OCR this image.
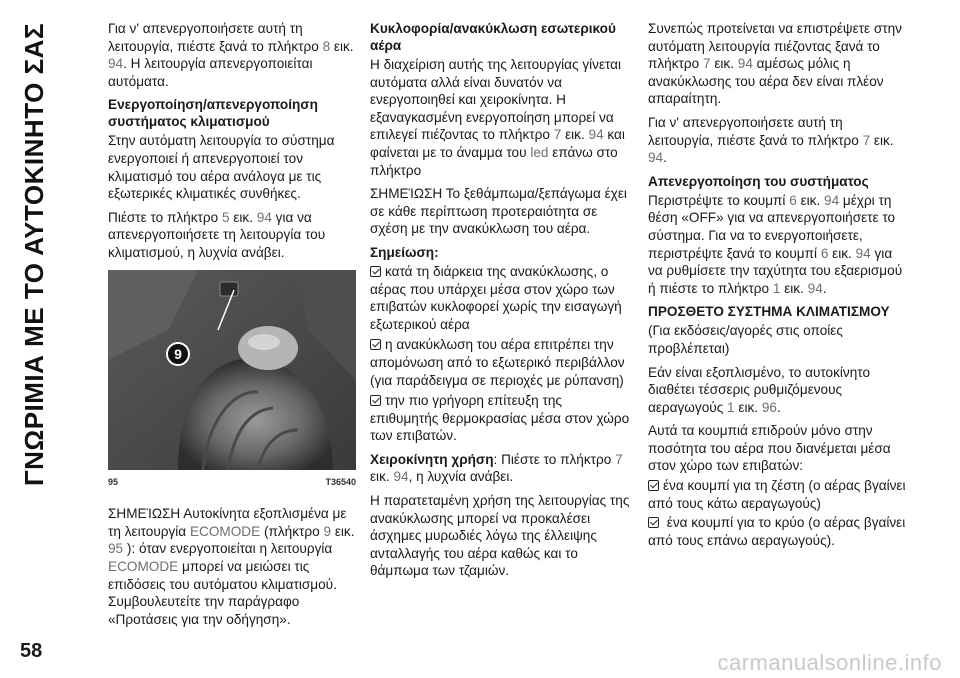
ΓΝΩΡΙΜΙΑ ΜΕ ΤΟ ΑΥΤΟΚΙΝΗΤΟ ΣΑΣ	Για ν' απενεργοποιήσετε αυτή τη λειτουργία, πιέστε ξανά το πλήκτρο 8 εικ. 94. Η λειτουργία απενεργοποιείται αυτόματα.

Ενεργοποίηση/απενεργοποίηση συστήματος κλιματισμού

Στην αυτόματη λειτουργία το σύστημα ενεργοποιεί ή απενεργοποιεί τον κλιματισμό του αέρα ανάλογα με τις εξωτερικές κλιματικές συνθήκες.

Πιέστε το πλήκτρο 5 εικ. 94 για να απενεργοποιήσετε τη λειτουργία του κλιματισμού, η λυχνία ανάβει.

9
95	T36540

ΣΗΜΕΊΩΣΗ Αυτοκίνητα εξοπλισμένα με τη λειτουργία ECOMODE (πλήκτρο 9 εικ. 95 ): όταν ενεργοποιείται η λειτουργία ECOMODE μπορεί να μειώσει τις επιδόσεις του αυτόματου κλιματισμού. Συμβουλευτείτε την παράγραφο «Προτάσεις για την οδήγηση».

Κυκλοφορία/ανακύκλωση εσωτερικού αέρα

Η διαχείριση αυτής της λειτουργίας γίνεται αυτόματα αλλά είναι δυνατόν να ενεργοποιηθεί και χειροκίνητα. Η εξαναγκασμένη ενεργοποίηση μπορεί να επιλεγεί πιέζοντας το πλήκτρο 7 εικ. 94 και φαίνεται με το άναμμα του led επάνω στο πλήκτρο

ΣΗΜΕΊΩΣΗ Το ξεθάμπωμα/ξεπάγωμα έχει σε κάθε περίπτωση προτεραιότητα σε σχέση με την ανακύκλωση του αέρα.

Σημείωση:

κατά τη διάρκεια της ανακύκλωσης, ο αέρας που υπάρχει μέσα στον χώρο των επιβατών κυκλοφορεί χωρίς την εισαγωγή εξωτερικού αέρα

η ανακύκλωση του αέρα επιτρέπει την απομόνωση από το εξωτερικό περιβάλλον (για παράδειγμα σε περιοχές με ρύπανση)

την πιο γρήγορη επίτευξη της επιθυμητής θερμοκρασίας μέσα στον χώρο των επιβατών.

Χειροκίνητη χρήση: Πιέστε το πλήκτρο 7 εικ. 94, η λυχνία ανάβει.

Η παρατεταμένη χρήση της λειτουργίας της ανακύκλωσης μπορεί να προκαλέσει άσχημες μυρωδιές λόγω της έλλειψης ανταλλαγής του αέρα καθώς και το θάμπωμα των τζαμιών.

Συνεπώς προτείνεται να επιστρέψετε στην αυτόματη λειτουργία πιέζοντας ξανά το πλήκτρο 7 εικ. 94 αμέσως μόλις η ανακύκλωσης του αέρα δεν είναι πλέον απαραίτητη.

Για ν' απενεργοποιήσετε αυτή τη λειτουργία, πιέστε ξανά το πλήκτρο 7 εικ. 94.

Απενεργοποίηση του συστήματος

Περιστρέψτε το κουμπί 6 εικ. 94 μέχρι τη θέση «OFF» για να απενεργοποιήσετε το σύστημα. Για να το ενεργοποιήσετε, περιστρέψτε ξανά το κουμπί 6 εικ. 94 για να ρυθμίσετε την ταχύτητα του εξαερισμού ή πιέστε το πλήκτρο 1 εικ. 94.

ΠΡΟΣΘΕΤΟ ΣΥΣΤΗΜΑ ΚΛΙΜΑΤΙΣΜΟΥ

(Για εκδόσεις/αγορές στις οποίες προβλέπεται)

Εάν είναι εξοπλισμένο, το αυτοκίνητο διαθέτει τέσσερις ρυθμιζόμενους αεραγωγούς 1 εικ. 96.

Αυτά τα κουμπιά επιδρούν μόνο στην ποσότητα του αέρα που διανέμεται μέσα στον χώρο των επιβατών:

ένα κουμπί για τη ζέστη (ο αέρας βγαίνει από τους κάτω αεραγωγούς)

ένα κουμπί για το κρύο (ο αέρας βγαίνει από τους επάνω αεραγωγούς).

58	carmanualsonline.info
